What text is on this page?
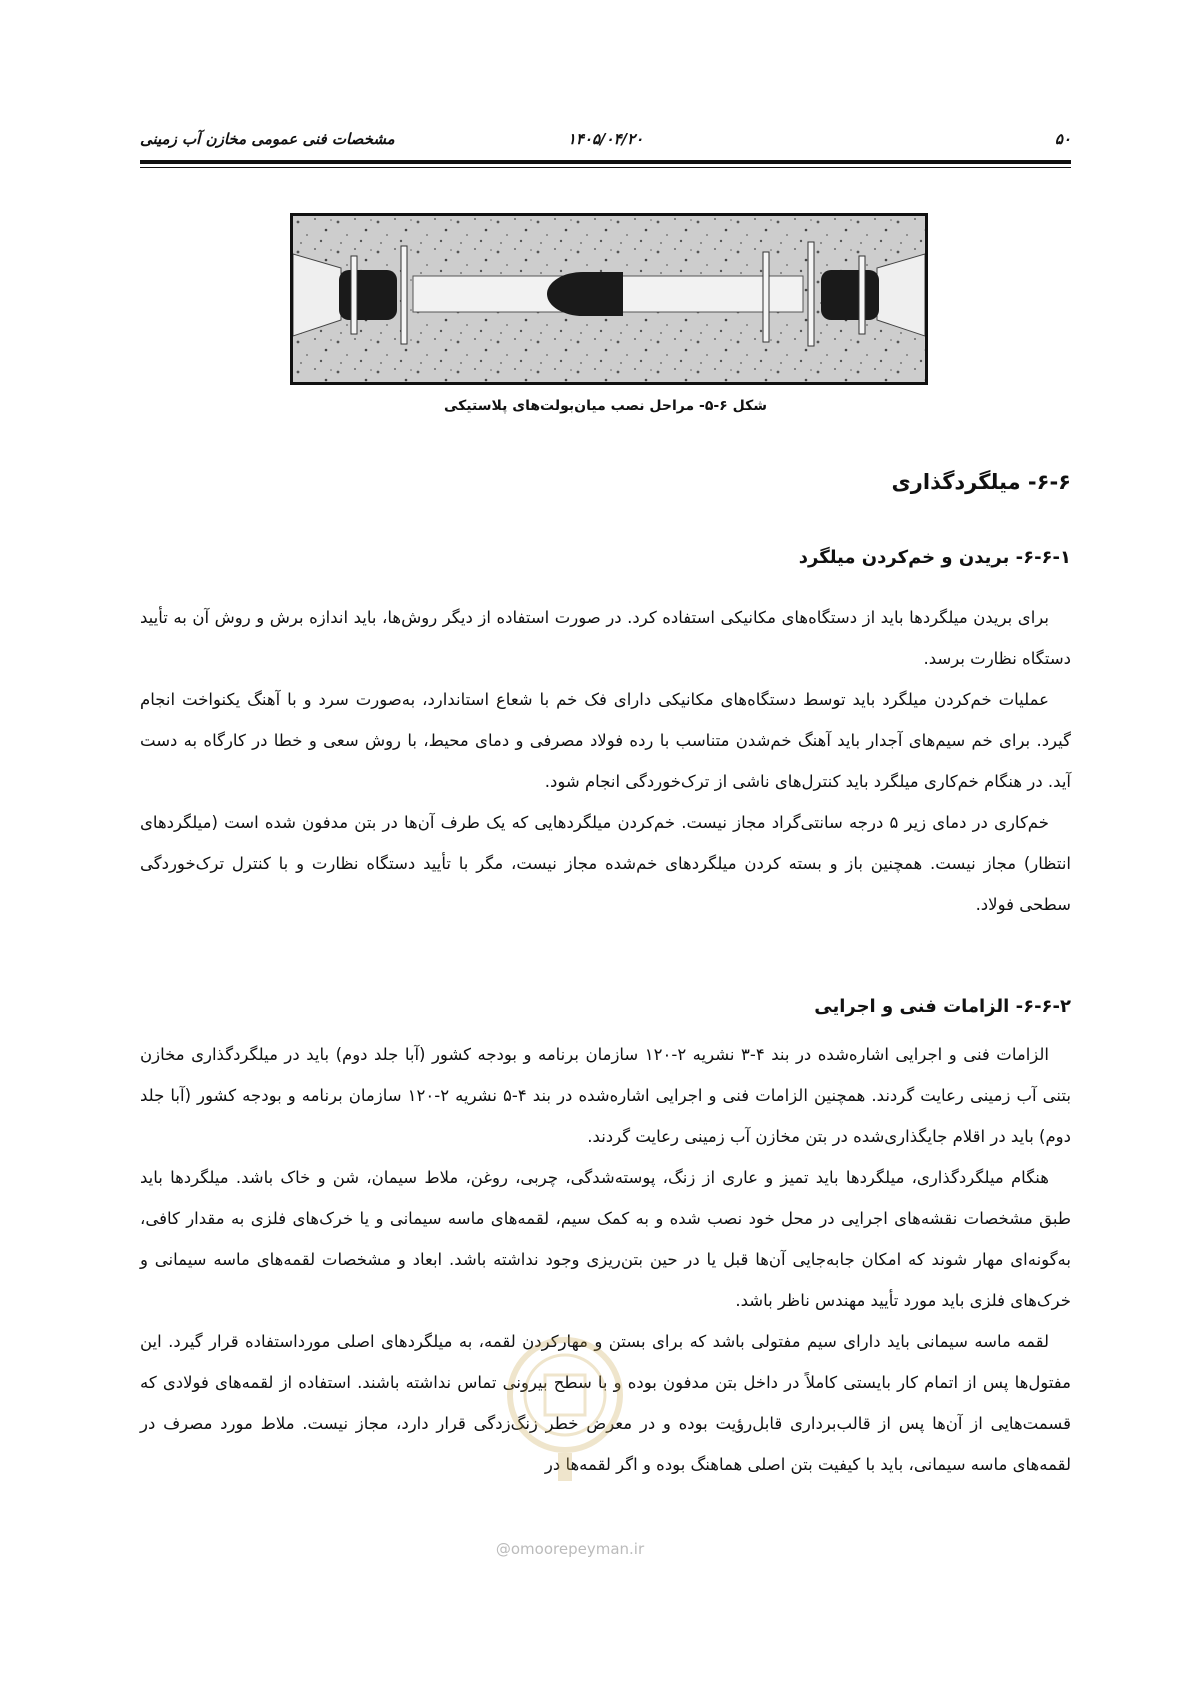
۵۰
۱۴۰۵/۰۴/۲۰
مشخصات فنی عمومی مخازن آب زمینی
شکل ۶-۵- مراحل نصب میان‌بولت‌های پلاستیکی
۶-۶- میلگردگذاری
۶-۶-۱- بریدن و خم‌کردن میلگرد

برای بریدن میلگردها باید از دستگاه‌های مکانیکی استفاده کرد. در صورت استفاده از دیگر روش‌ها، باید اندازه برش و روش آن به تأیید دستگاه نظارت برسد.

عملیات خم‌کردن میلگرد باید توسط دستگاه‌های مکانیکی دارای فک خم با شعاع استاندارد، به‌صورت سرد و با آهنگ یکنواخت انجام گیرد. برای خم سیم‌های آجدار باید آهنگ خم‌شدن متناسب با رده فولاد مصرفی و دمای محیط، با روش سعی و خطا در کارگاه به دست آید. در هنگام خم‌کاری میلگرد باید کنترل‌های ناشی از ترک‌خوردگی انجام شود.

خم‌کاری در دمای زیر ۵ درجه سانتی‌گراد مجاز نیست. خم‌کردن میلگردهایی که یک طرف آن‌ها در بتن مدفون شده است (میلگردهای انتظار) مجاز نیست. همچنین باز و بسته کردن میلگردهای خم‌شده مجاز نیست، مگر با تأیید دستگاه نظارت و با کنترل ترک‌خوردگی سطحی فولاد.

۶-۶-۲- الزامات فنی و اجرایی

الزامات فنی و اجرایی اشاره‌شده در بند ۴-۳ نشریه ۲-۱۲۰ سازمان برنامه و بودجه کشور (آبا جلد دوم) باید در میلگردگذاری مخازن بتنی آب زمینی رعایت گردند. همچنین الزامات فنی و اجرایی اشاره‌شده در بند ۴-۵ نشریه ۲-۱۲۰ سازمان برنامه و بودجه کشور (آبا جلد دوم) باید در اقلام جایگذاری‌شده در بتن مخازن آب زمینی رعایت گردند.

هنگام میلگردگذاری، میلگردها باید تمیز و عاری از زنگ، پوسته‌شدگی، چربی، روغن، ملاط سیمان، شن و خاک باشد. میلگردها باید طبق مشخصات نقشه‌های اجرایی در محل خود نصب شده و به کمک سیم، لقمه‌های ماسه سیمانی و یا خرک‌های فلزی به مقدار کافی، به‌گونه‌ای مهار شوند که امکان جابه‌جایی آن‌ها قبل یا در حین بتن‌ریزی وجود نداشته باشد. ابعاد و مشخصات لقمه‌های ماسه سیمانی و خرک‌های فلزی باید مورد تأیید مهندس ناظر باشد.

لقمه ماسه سیمانی باید دارای سیم مفتولی باشد که برای بستن و مهارکردن لقمه، به میلگردهای اصلی مورداستفاده قرار گیرد. این مفتول‌ها پس از اتمام کار بایستی کاملاً در داخل بتن مدفون بوده و با سطح بیرونی تماس نداشته باشند. استفاده از لقمه‌های فولادی که قسمت‌هایی از آن‌ها پس از قالب‌برداری قابل‌رؤیت بوده و در معرض خطر زنگ‌زدگی قرار دارد، مجاز نیست. ملاط مورد مصرف در لقمه‌های ماسه سیمانی، باید با کیفیت بتن اصلی هماهنگ بوده و اگر لقمه‌ها در

@omoorepeyman.ir
